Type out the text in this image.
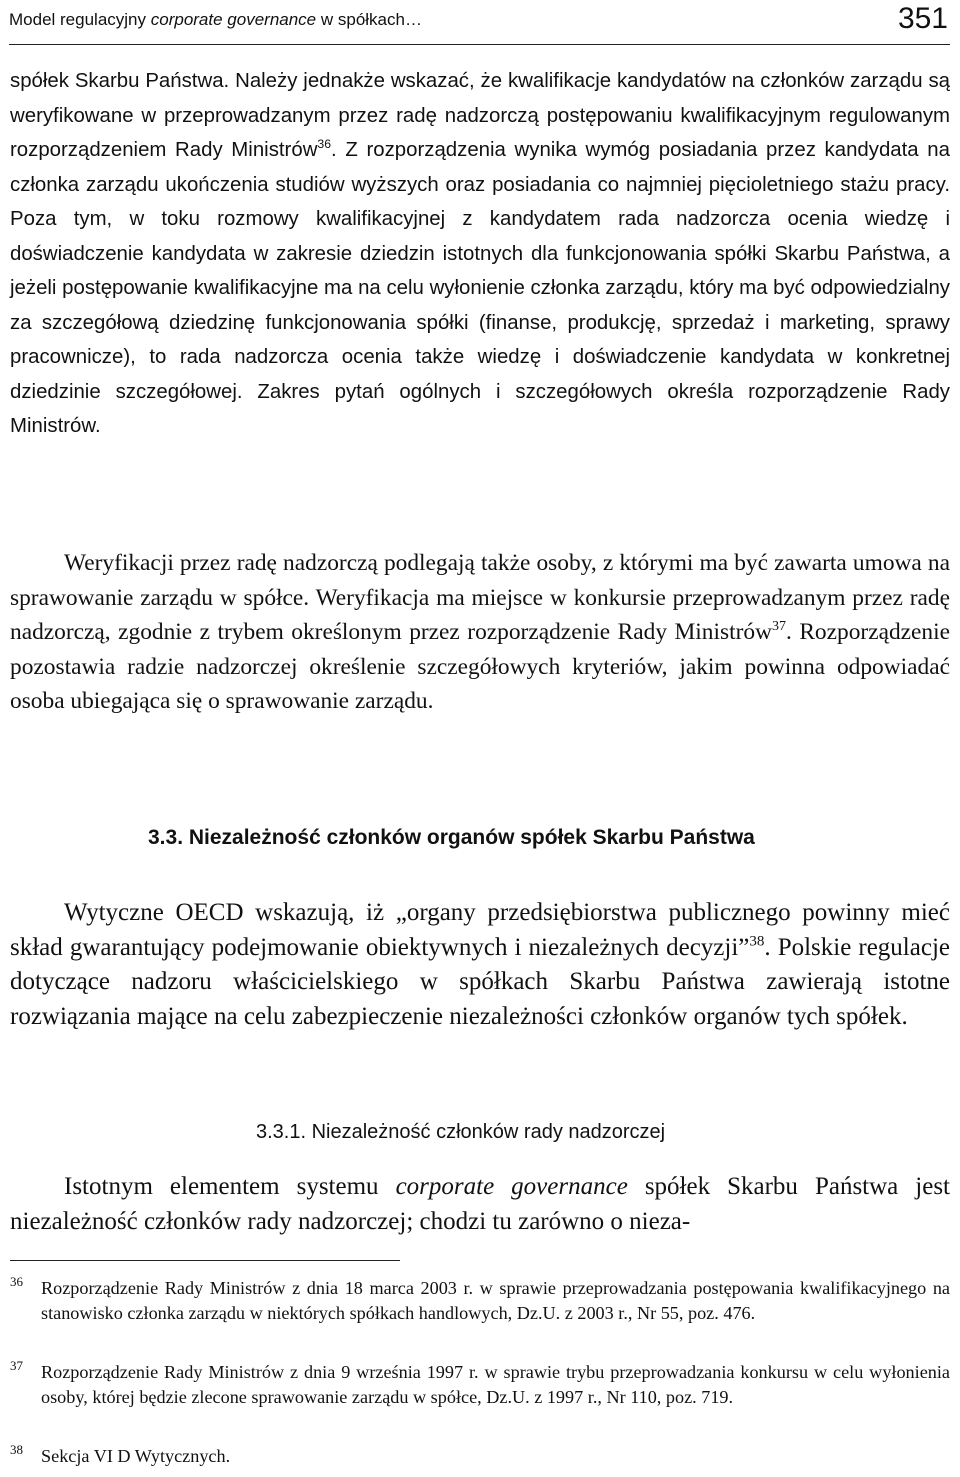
Model regulacyjny corporate governance w spółkach…	351

spółek Skarbu Państwa. Należy jednakże wskazać, że kwalifikacje kandydatów na członków zarządu są weryfikowane w przeprowadzanym przez radę nadzorczą postępowaniu kwalifikacyjnym regulowanym rozporządzeniem Rady Ministrów$^{36}$. Z rozporządzenia wynika wymóg posiadania przez kandydata na członka zarządu ukończenia studiów wyższych oraz posiadania co najmniej pięcioletniego stażu pracy. Poza tym, w toku rozmowy kwalifikacyjnej z kandydatem rada nadzorcza ocenia wiedzę i doświadczenie kandydata w zakresie dziedzin istotnych dla funkcjonowania spółki Skarbu Państwa, a jeżeli postępowanie kwalifikacyjne ma na celu wyłonienie członka zarządu, który ma być odpowiedzialny za szczegółową dziedzinę funkcjonowania spółki (finanse, produkcję, sprzedaż i marketing, sprawy pracownicze), to rada nadzorcza ocenia także wiedzę i doświadczenie kandydata w konkretnej dziedzinie szczegółowej. Zakres pytań ogólnych i szczegółowych określa rozporządzenie Rady Ministrów.

Weryfikacji przez radę nadzorczą podlegają także osoby, z którymi ma być zawarta umowa na sprawowanie zarządu w spółce. Weryfikacja ma miejsce w konkursie przeprowadzanym przez radę nadzorczą, zgodnie z trybem określonym przez rozporządzenie Rady Ministrów$^{37}$. Rozporządzenie pozostawia radzie nadzorczej określenie szczegółowych kryteriów, jakim powinna odpowiadać osoba ubiegająca się o sprawowanie zarządu.

3.3. Niezależność członków organów spółek Skarbu Państwa

Wytyczne OECD wskazują, iż „organy przedsiębiorstwa publicznego powinny mieć skład gwarantujący podejmowanie obiektywnych i niezależnych decyzji”$^{38}$. Polskie regulacje dotyczące nadzoru właścicielskiego w spółkach Skarbu Państwa zawierają istotne rozwiązania mające na celu zabezpieczenie niezależności członków organów tych spółek.

3.3.1. Niezależność członków rady nadzorczej

Istotnym elementem systemu corporate governance spółek Skarbu Państwa jest niezależność członków rady nadzorczej; chodzi tu zarówno o nieza-

36 Rozporządzenie Rady Ministrów z dnia 18 marca 2003 r. w sprawie przeprowadzania postępowania kwalifikacyjnego na stanowisko członka zarządu w niektórych spółkach handlowych, Dz.U. z 2003 r., Nr 55, poz. 476.

37 Rozporządzenie Rady Ministrów z dnia 9 września 1997 r. w sprawie trybu przeprowadzania konkursu w celu wyłonienia osoby, której będzie zlecone sprawowanie zarządu w spółce, Dz.U. z 1997 r., Nr 110, poz. 719.

38 Sekcja VI D Wytycznych.
